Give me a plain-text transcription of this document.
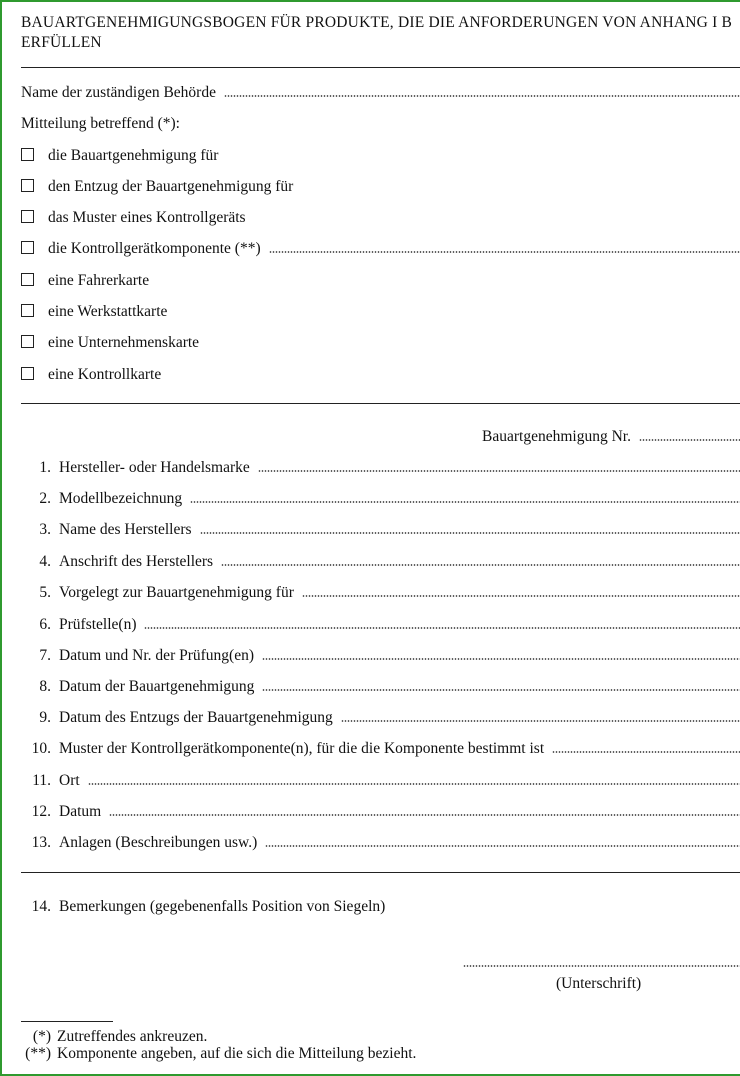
BAUARTGENEHMIGUNGSBOGEN FÜR PRODUKTE, DIE DIE ANFORDERUNGEN VON ANHANG I B
ERFÜLLEN
Name der zuständigen Behörde
Mitteilung betreffend (*):
die Bauartgenehmigung für
den Entzug der Bauartgenehmigung für
das Muster eines Kontrollgeräts
die Kontrollgerätkomponente (**)
eine Fahrerkarte
eine Werkstattkarte
eine Unternehmenskarte
eine Kontrollkarte
Bauartgenehmigung Nr.
1. Hersteller- oder Handelsmarke
2. Modellbezeichnung
3. Name des Herstellers
4. Anschrift des Herstellers
5. Vorgelegt zur Bauartgenehmigung für
6. Prüfstelle(n)
7. Datum und Nr. der Prüfung(en)
8. Datum der Bauartgenehmigung
9. Datum des Entzugs der Bauartgenehmigung
10. Muster der Kontrollgerätkomponente(n), für die die Komponente bestimmt ist
11. Ort
12. Datum
13. Anlagen (Beschreibungen usw.)
14. Bemerkungen (gegebenenfalls Position von Siegeln)
(Unterschrift)
(*) Zutreffendes ankreuzen.
(**) Komponente angeben, auf die sich die Mitteilung bezieht.
